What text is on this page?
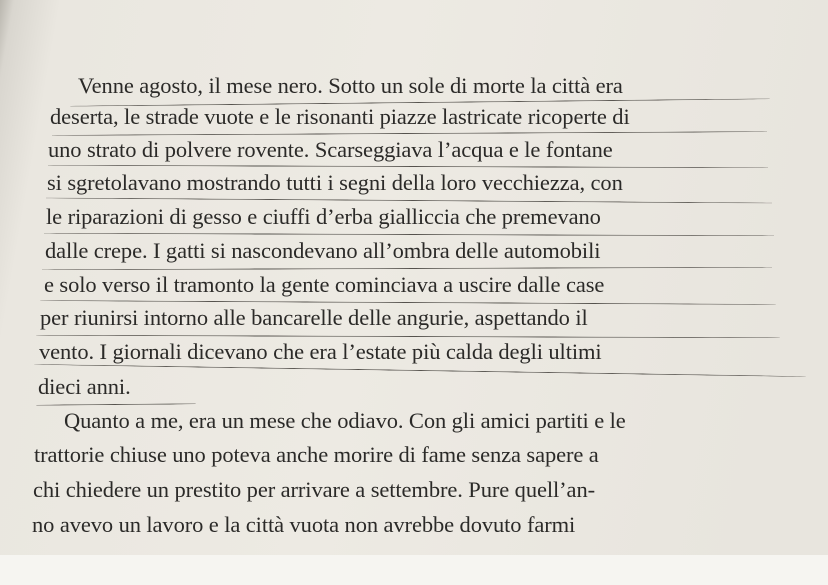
Venne agosto, il mese nero. Sotto un sole di morte la città era
deserta, le strade vuote e le risonanti piazze lastricate ricoperte di
uno strato di polvere rovente. Scarseggiava l’acqua e le fontane
si sgretolavano mostrando tutti i segni della loro vecchiezza, con
le riparazioni di gesso e ciuffi d’erba gialliccia che premevano
dalle crepe. I gatti si nascondevano all’ombra delle automobili
e solo verso il tramonto la gente cominciava a uscire dalle case
per riunirsi intorno alle bancarelle delle angurie, aspettando il
vento. I giornali dicevano che era l’estate più calda degli ultimi
dieci anni.
Quanto a me, era un mese che odiavo. Con gli amici partiti e le
trattorie chiuse uno poteva anche morire di fame senza sapere a
chi chiedere un prestito per arrivare a settembre. Pure quell’an-
no avevo un lavoro e la città vuota non avrebbe dovuto farmi
